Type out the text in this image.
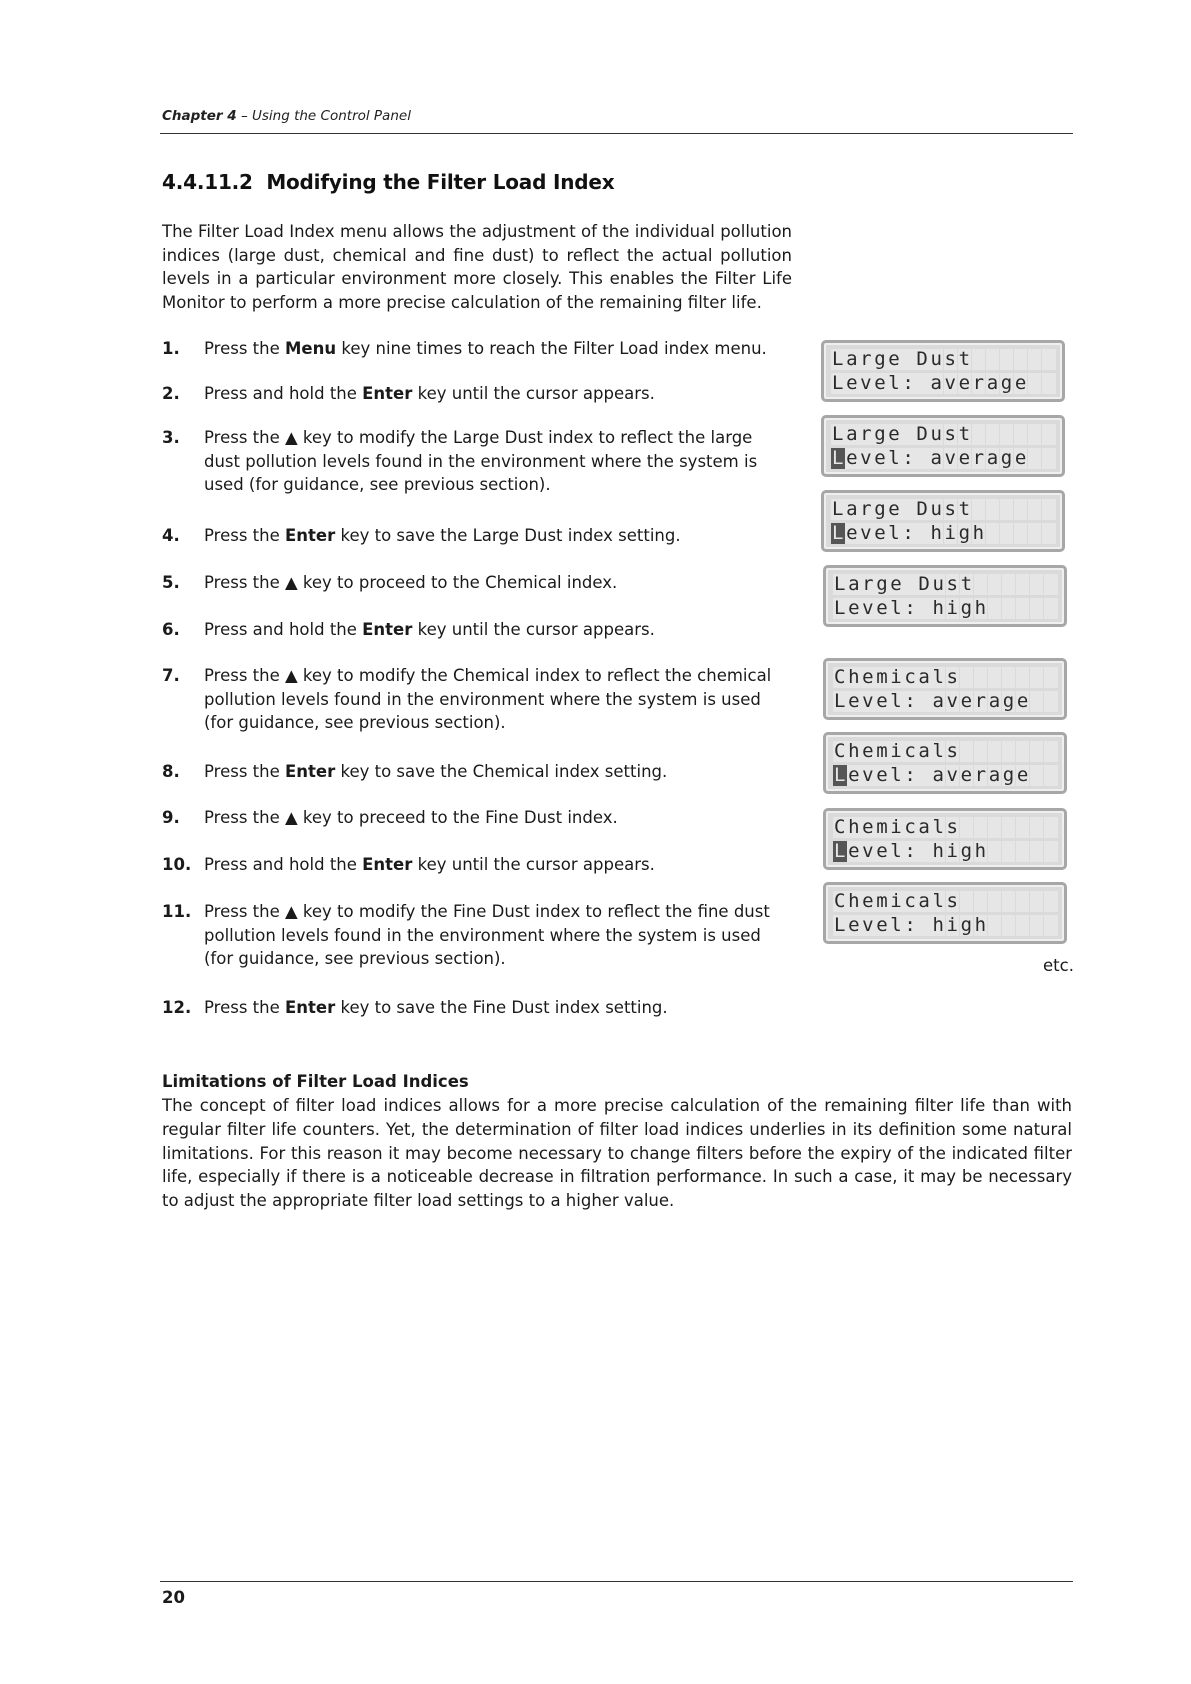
Chapter 4 – Using the Control Panel
4.4.11.2 Modifying the Filter Load Index

The Filter Load Index menu allows the adjustment of the individual pollution indices (large dust, chemical and fine dust) to reflect the actual pollution levels in a particular environment more closely. This enables the Filter Life Monitor to perform a more precise calculation of the remaining filter life.

1.	Press the Menu key nine times to reach the Filter Load index menu.
2.	Press and hold the Enter key until the cursor appears.
3.	Press the ▲ key to modify the Large Dust index to reflect the large dust pollution levels found in the environment where the system is used (for guidance, see previous section).
4.	Press the Enter key to save the Large Dust index setting.
5.	Press the ▲ key to proceed to the Chemical index.
6.	Press and hold the Enter key until the cursor appears.
7.	Press the ▲ key to modify the Chemical index to reflect the chemical pollution levels found in the environment where the system is used (for guidance, see previous section).
8.	Press the Enter key to save the Chemical index setting.
9.	Press the ▲ key to preceed to the Fine Dust index.
10. Press and hold the Enter key until the cursor appears.
11. Press the ▲ key to modify the Fine Dust index to reflect the fine dust pollution levels found in the environment where the system is used (for guidance, see previous section).
12. Press the Enter key to save the Fine Dust index setting.
L a r g e D u s t
L e v e l : a v e r a g e
L a r g e D u s t
L e v e l : a v e r a g e
L a r g e D u s t
L e v e l : h i g h
L a r g e D u s t
L e v e l : h i g h
C h e m i c a l s
L e v e l : a v e r a g e
C h e m i c a l s
L e v e l : a v e r a g e
C h e m i c a l s
L e v e l : h i g h
C h e m i c a l s
L e v e l : h i g h
etc.
Limitations of Filter Load Indices

The concept of filter load indices allows for a more precise calculation of the remaining filter life than with regular filter life counters. Yet, the determination of filter load indices underlies in its definition some natural limitations. For this reason it may become necessary to change filters before the expiry of the indicated filter life, especially if there is a noticeable decrease in filtration performance. In such a case, it may be necessary to adjust the appropriate filter load settings to a higher value.

20
